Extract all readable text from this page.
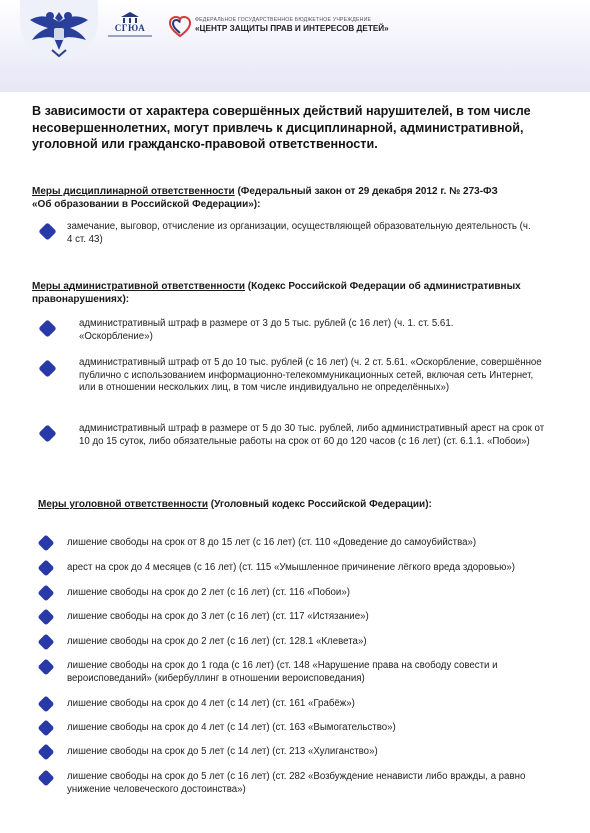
СГЮА
ФЕДЕРАЛЬНОЕ ГОСУДАРСТВЕННОЕ БЮДЖЕТНОЕ УЧРЕЖДЕНИЕ
«ЦЕНТР ЗАЩИТЫ ПРАВ И ИНТЕРЕСОВ ДЕТЕЙ»
В зависимости от характера совершённых действий нарушителей, в том числе несовершеннолетних, могут привлечь к дисциплинарной, административной, уголовной или гражданско-правовой ответственности.
Меры дисциплинарной ответственности (Федеральный закон от 29 декабря 2012 г. № 273-ФЗ «Об образовании в Российской Федерации»):
замечание, выговор, отчисление из организации, осуществляющей образовательную деятельность (ч. 4 ст. 43)
Меры административной ответственности (Кодекс Российской Федерации об административных правонарушениях):
административный штраф в размере от 3 до 5 тыс. рублей (с 16 лет) (ч. 1. ст. 5.61. «Оскорбление»)
административный штраф от 5 до 10 тыс. рублей (с 16 лет) (ч. 2 ст. 5.61. «Оскорбление, совершённое публично с использованием информационно-телекоммуникационных сетей, включая сеть Интернет, или в отношении нескольких лиц, в том числе индивидуально не определённых»)
административный штраф в размере от 5 до 30 тыс. рублей, либо административный арест на срок от 10 до 15 суток, либо обязательные работы на срок от 60 до 120 часов (с 16 лет) (ст. 6.1.1. «Побои»)
Меры уголовной ответственности (Уголовный кодекс Российской Федерации):
лишение свободы на срок от 8 до 15 лет (с 16 лет) (ст. 110 «Доведение до самоубийства»)
арест на срок до 4 месяцев (с 16 лет) (ст. 115 «Умышленное причинение лёгкого вреда здоровью»)
лишение свободы на срок до 2 лет (с 16 лет) (ст. 116 «Побои»)
лишение свободы на срок до 3 лет (с 16 лет) (ст. 117 «Истязание»)
лишение свободы на срок до 2 лет (с 16 лет) (ст. 128.1 «Клевета»)
лишение свободы на срок до 1 года (с 16 лет) (ст. 148 «Нарушение права на свободу совести и вероисповеданий» (кибербуллинг в отношении вероисповедания)
лишение свободы на срок до 4 лет (с 14 лет) (ст. 161 «Грабёж»)
лишение свободы на срок до 4 лет (с 14 лет) (ст. 163 «Вымогательство»)
лишение свободы на срок до 5 лет (с 14 лет) (ст. 213 «Хулиганство»)
лишение свободы на срок до 5 лет (с 16 лет) (ст. 282 «Возбуждение ненависти либо вражды, а равно унижение человеческого достоинства»)
